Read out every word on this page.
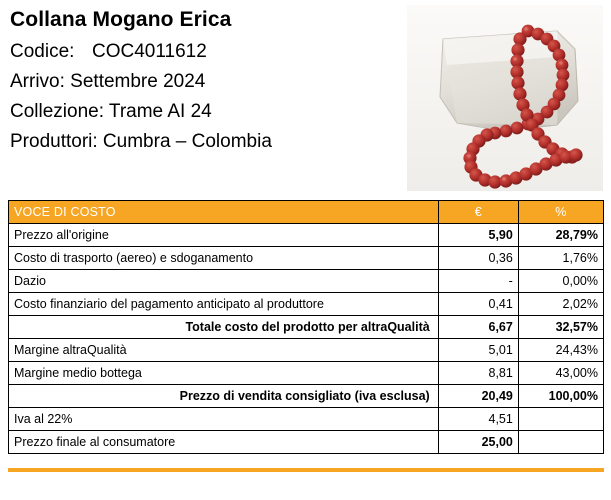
Collana Mogano Erica
Codice: COC4011612
Arrivo: Settembre 2024
Collezione: Trame AI 24
Produttori: Cumbra – Colombia
VOCE DI COSTO	€	%
Prezzo all'origine	5,90	28,79%
Costo di trasporto (aereo) e sdoganamento	0,36	1,76%
Dazio	-	0,00%
Costo finanziario del pagamento anticipato al produttore	0,41	2,02%
Totale costo del prodotto per altraQualità	6,67	32,57%
Margine altraQualità	5,01	24,43%
Margine medio bottega	8,81	43,00%
Prezzo di vendita consigliato (iva esclusa)	20,49	100,00%
Iva al 22%	4,51	
Prezzo finale al consumatore	25,00	
